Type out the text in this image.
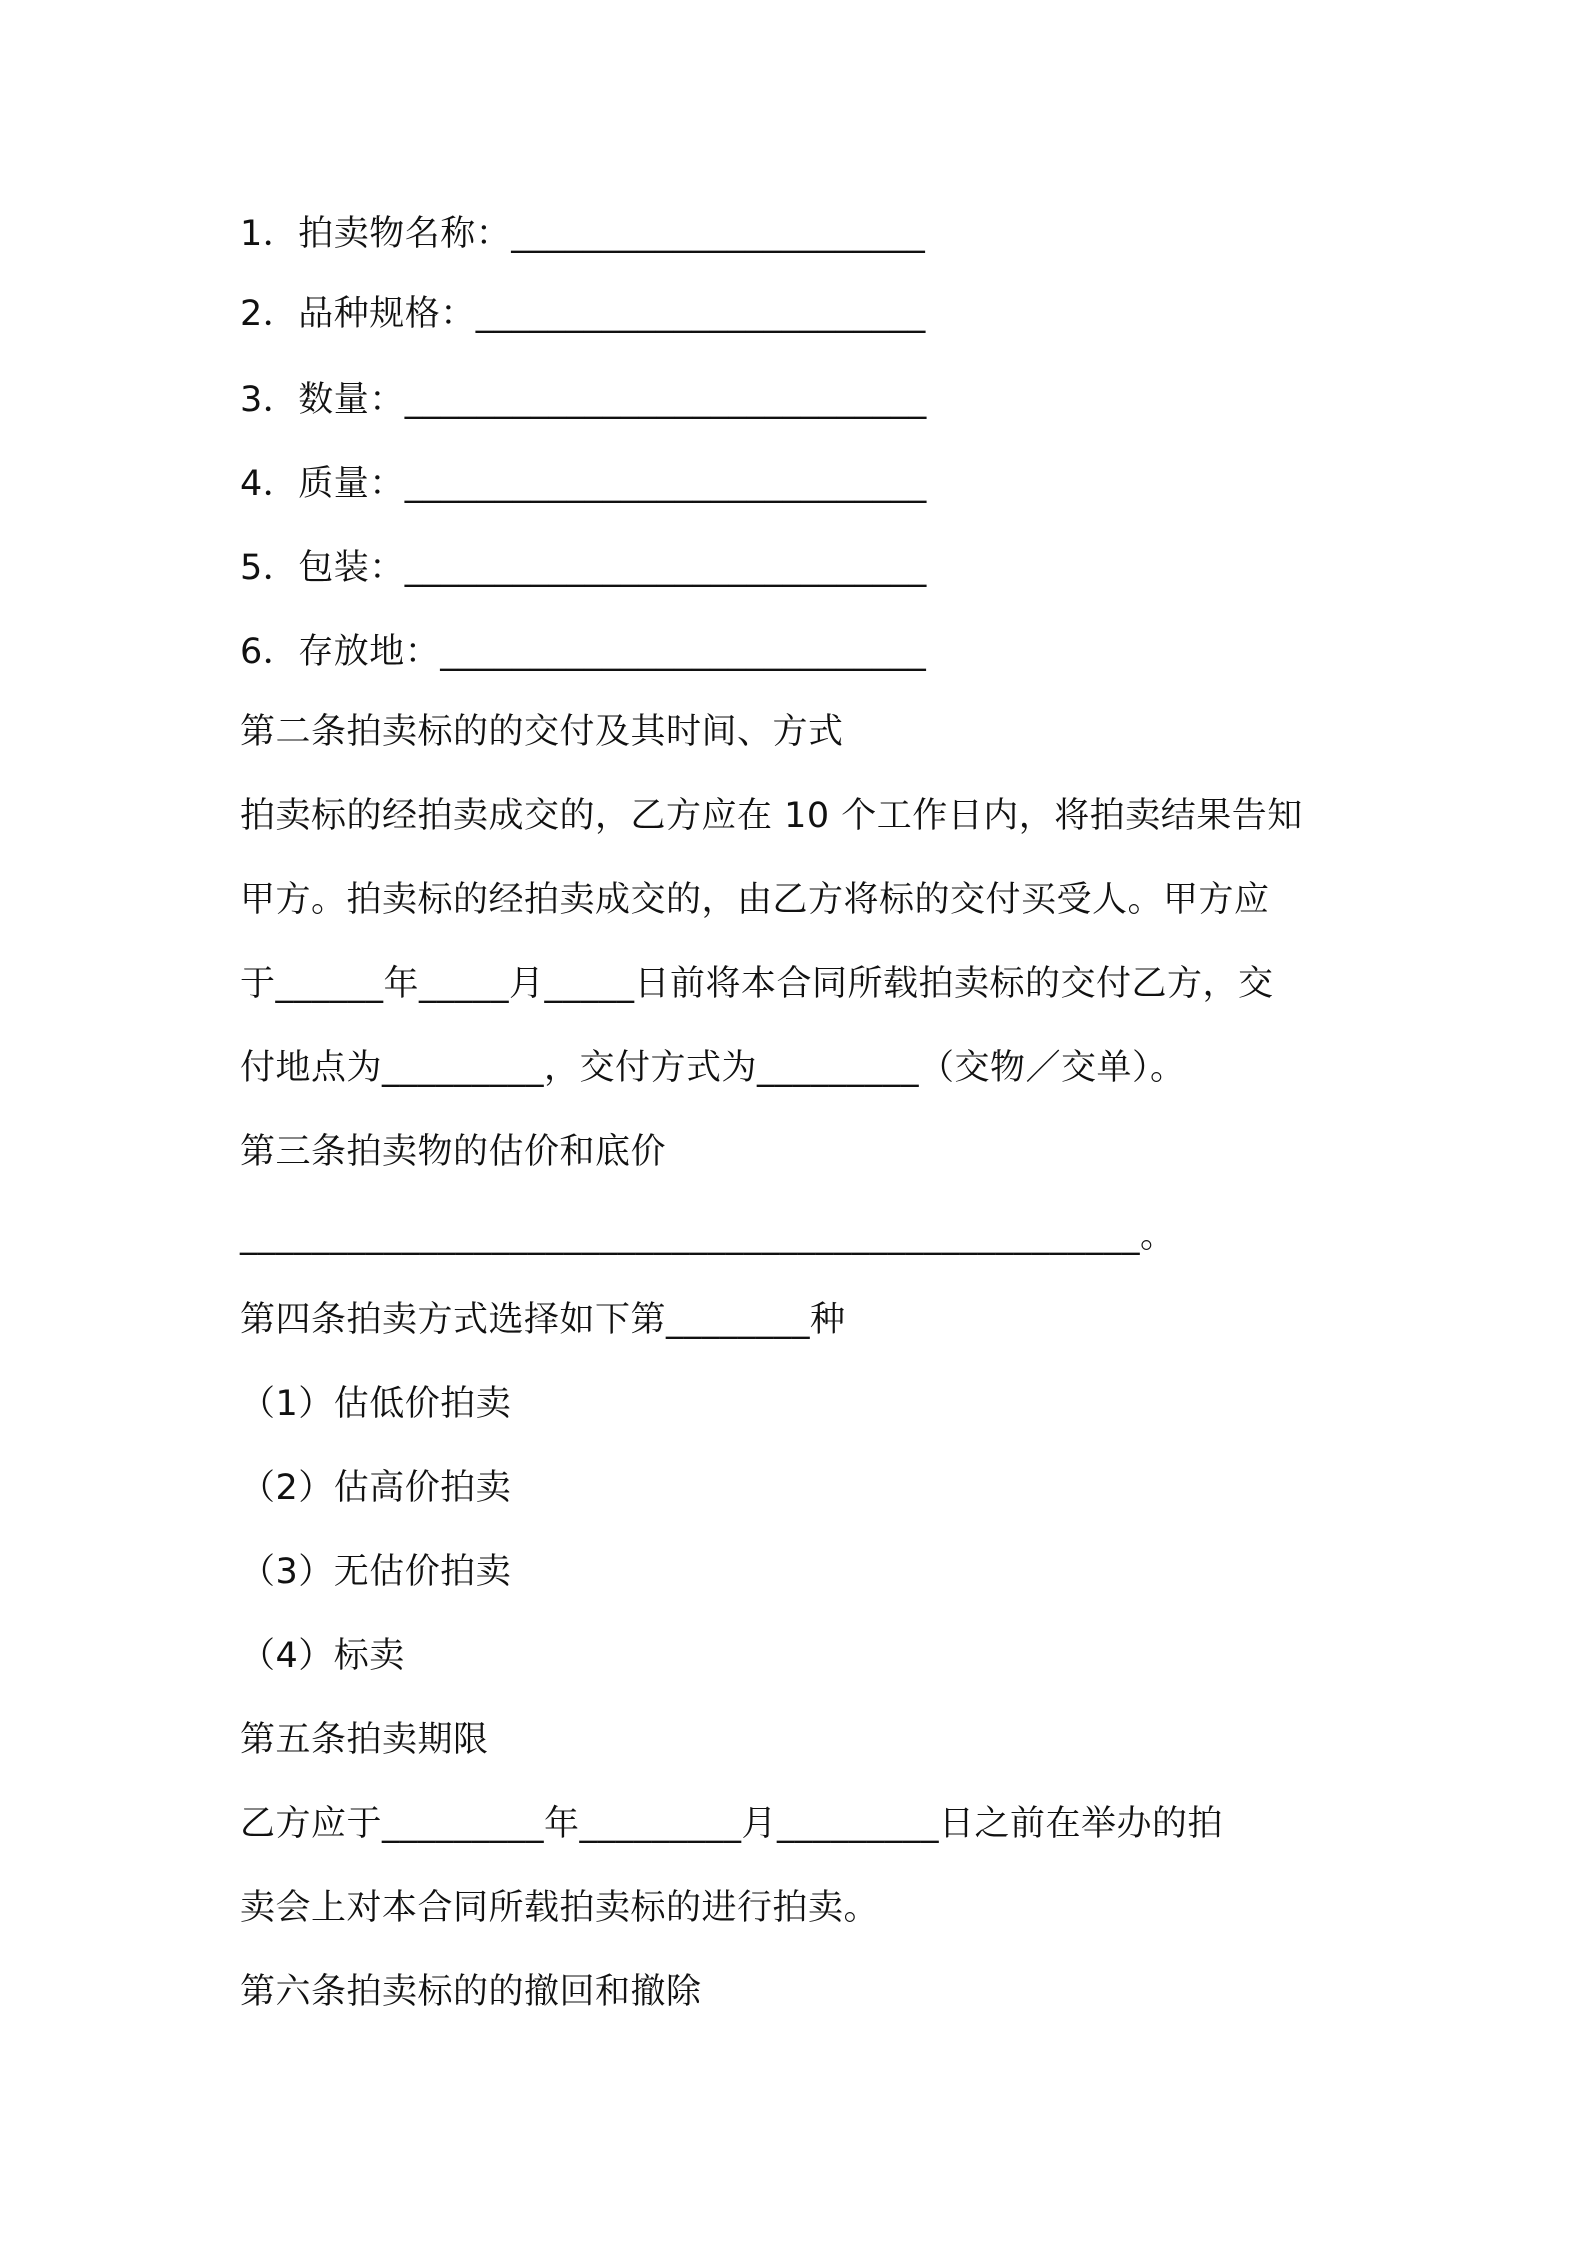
1．拍卖物名称：_______________________
2．品种规格：_________________________
3．数量：_____________________________
4．质量：_____________________________
5．包装：_____________________________
6．存放地：___________________________
第二条拍卖标的的交付及其时间、方式
拍卖标的经拍卖成交的，乙方应在 10 个工作日内，将拍卖结果告知
甲方。拍卖标的经拍卖成交的，由乙方将标的交付买受人。甲方应
于______年_____月_____日前将本合同所载拍卖标的交付乙方，交
付地点为_________，交付方式为_________（交物／交单）。
第三条拍卖物的估价和底价
__________________________________________________。
第四条拍卖方式选择如下第________种
（1）估低价拍卖
（2）估高价拍卖
（3）无估价拍卖
（4）标卖
第五条拍卖期限
乙方应于_________年_________月_________日之前在举办的拍
卖会上对本合同所载拍卖标的进行拍卖。
第六条拍卖标的的撤回和撤除
